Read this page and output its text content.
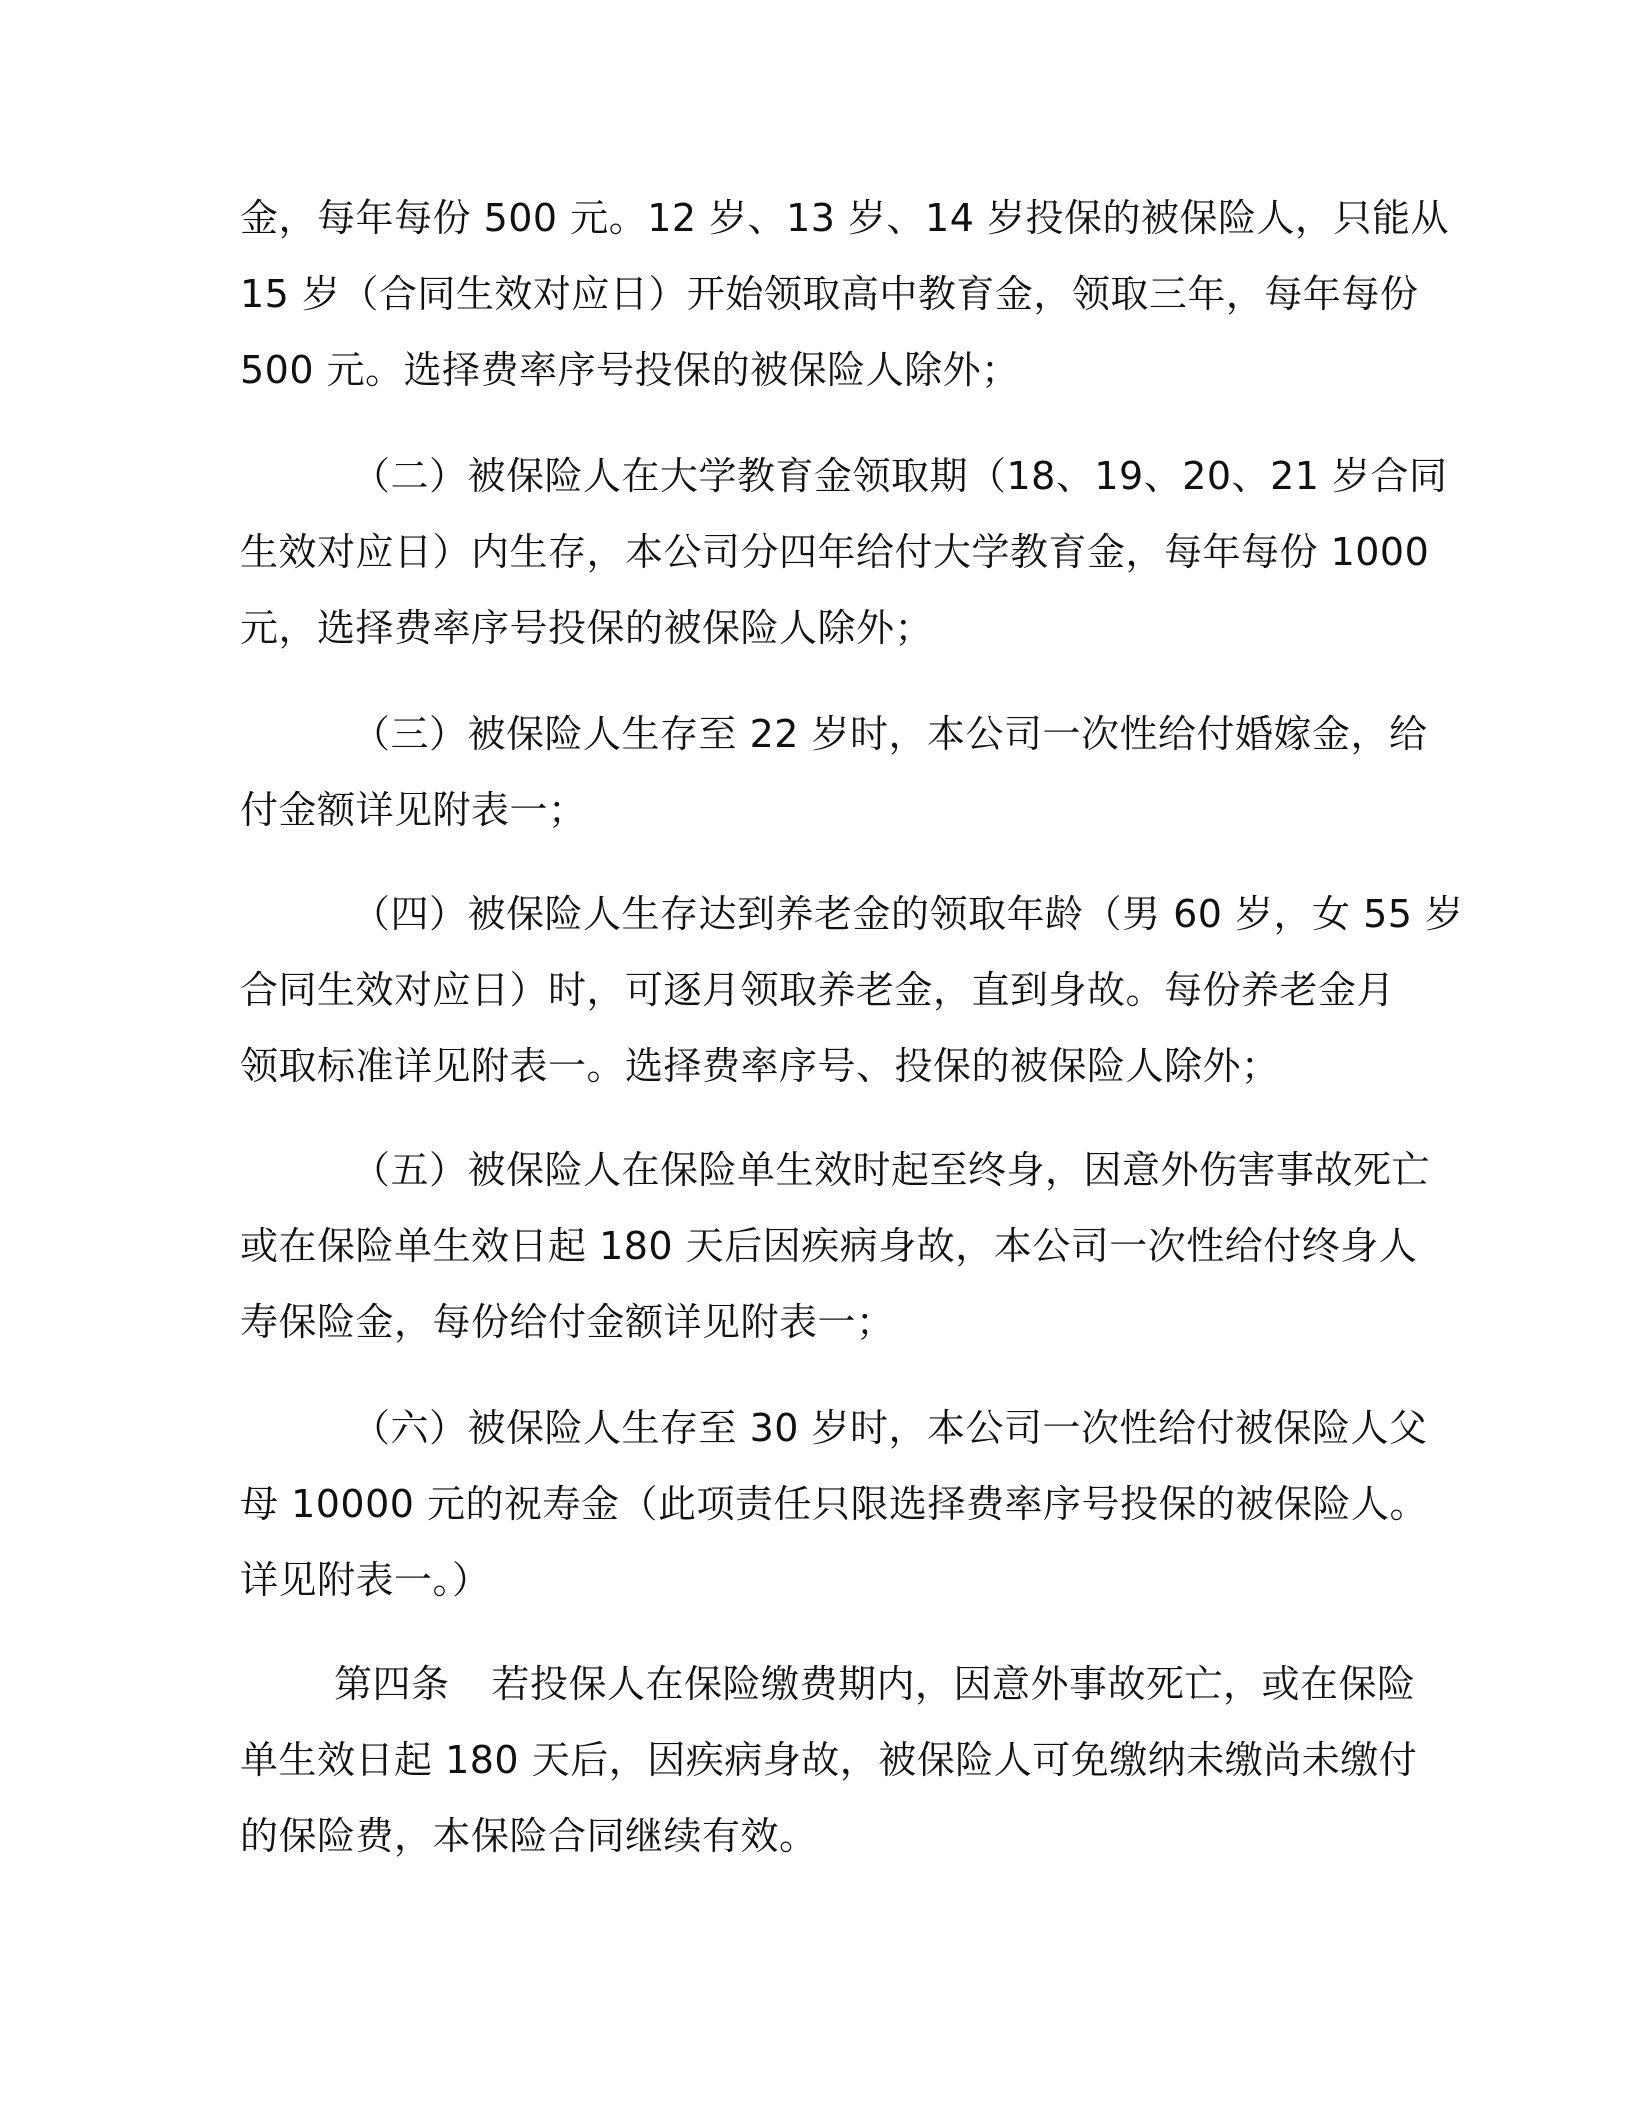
金，每年每份 500 元。12 岁、13 岁、14 岁投保的被保险人，只能从
15 岁（合同生效对应日）开始领取高中教育金，领取三年，每年每份
500 元。选择费率序号投保的被保险人除外；
（二）被保险人在大学教育金领取期（18、19、20、21 岁合同
生效对应日）内生存，本公司分四年给付大学教育金，每年每份 1000
元，选择费率序号投保的被保险人除外；
（三）被保险人生存至 22 岁时，本公司一次性给付婚嫁金，给
付金额详见附表一；
（四）被保险人生存达到养老金的领取年龄（男 60 岁，女 55 岁
合同生效对应日）时，可逐月领取养老金，直到身故。每份养老金月
领取标准详见附表一。选择费率序号、投保的被保险人除外；
（五）被保险人在保险单生效时起至终身，因意外伤害事故死亡
或在保险单生效日起 180 天后因疾病身故，本公司一次性给付终身人
寿保险金，每份给付金额详见附表一；
（六）被保险人生存至 30 岁时，本公司一次性给付被保险人父
母 10000 元的祝寿金（此项责任只限选择费率序号投保的被保险人。
详见附表一。）
第四条 若投保人在保险缴费期内，因意外事故死亡，或在保险
单生效日起 180 天后，因疾病身故，被保险人可免缴纳未缴尚未缴付
的保险费，本保险合同继续有效。
